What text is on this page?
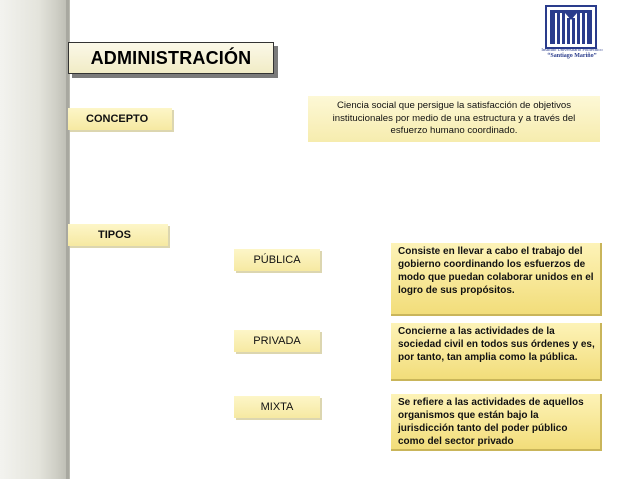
ADMINISTRACIÓN	Instituto Universitario Politécnico
“Santiago Mariño”
CONCEPTO
Ciencia social que persigue la satisfacción de objetivos institucionales por medio de una estructura y a través del esfuerzo humano coordinado.
TIPOS
PÚBLICA
Consiste en llevar a cabo el trabajo del gobierno coordinando los esfuerzos de modo que puedan colaborar unidos en el logro de sus propósitos.
PRIVADA
Concierne a las actividades de la sociedad civil en todos sus órdenes y es, por tanto, tan amplia como la pública.
MIXTA	Se refiere a las actividades de aquellos organismos que están bajo la jurisdicción tanto del poder público como del sector privado
